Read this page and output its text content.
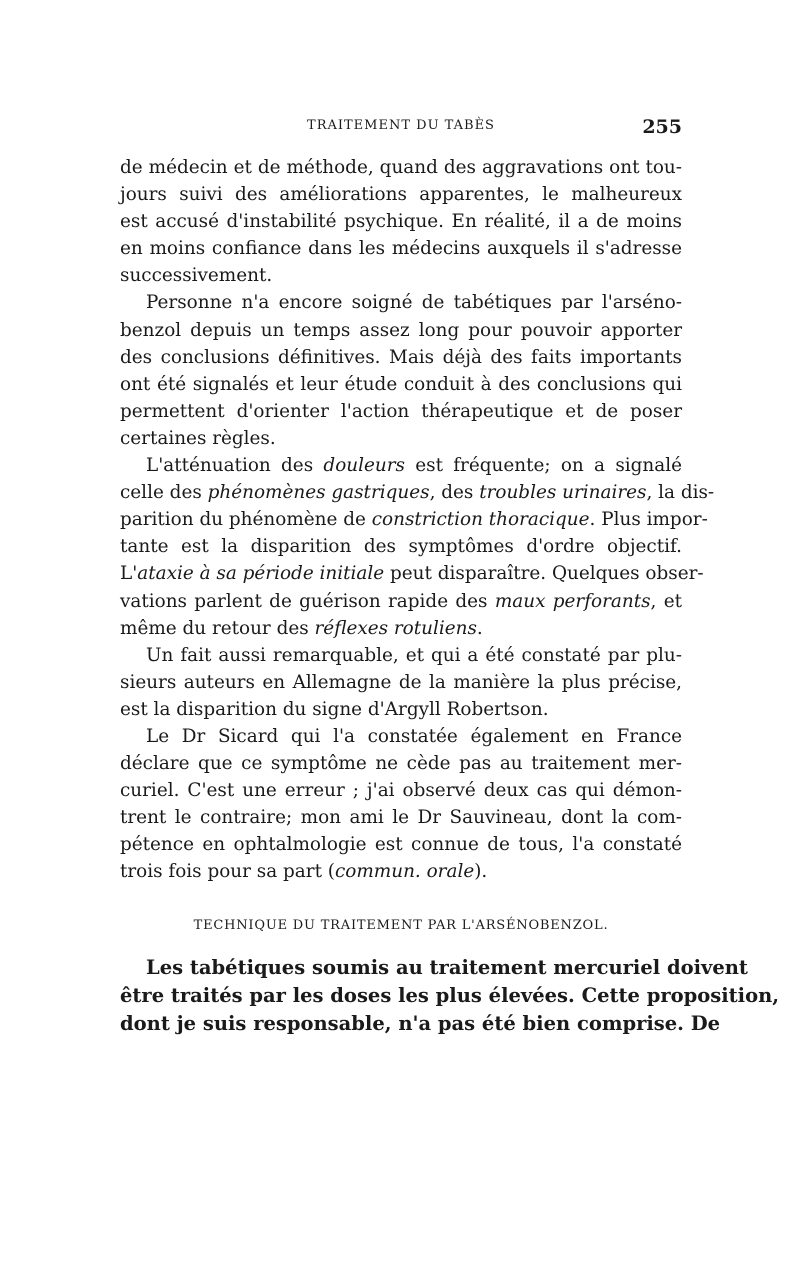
TRAITEMENT DU TABÈS	255
de médecin et de méthode, quand des aggravations ont tou-
jours suivi des améliorations apparentes, le malheureux
est accusé d'instabilité psychique. En réalité, il a de moins
en moins confiance dans les médecins auxquels il s'adresse
successivement.
Personne n'a encore soigné de tabétiques par l'arséno-
benzol depuis un temps assez long pour pouvoir apporter
des conclusions définitives. Mais déjà des faits importants
ont été signalés et leur étude conduit à des conclusions qui
permettent d'orienter l'action thérapeutique et de poser
certaines règles.
L'atténuation des douleurs est fréquente; on a signalé
celle des phénomènes gastriques, des troubles urinaires, la dis-
parition du phénomène de constriction thoracique. Plus impor-
tante est la disparition des symptômes d'ordre objectif.
L'ataxie à sa période initiale peut disparaître. Quelques obser-
vations parlent de guérison rapide des maux perforants, et
même du retour des réflexes rotuliens.
Un fait aussi remarquable, et qui a été constaté par plu-
sieurs auteurs en Allemagne de la manière la plus précise,
est la disparition du signe d'Argyll Robertson.
Le Dr Sicard qui l'a constatée également en France
déclare que ce symptôme ne cède pas au traitement mer-
curiel. C'est une erreur ; j'ai observé deux cas qui démon-
trent le contraire; mon ami le Dr Sauvineau, dont la com-
pétence en ophtalmologie est connue de tous, l'a constaté
trois fois pour sa part (commun. orale).
TECHNIQUE DU TRAITEMENT PAR L'ARSÉNOBENZOL.
Les tabétiques soumis au traitement mercuriel doivent
être traités par les doses les plus élevées. Cette proposition,
dont je suis responsable, n'a pas été bien comprise. De
